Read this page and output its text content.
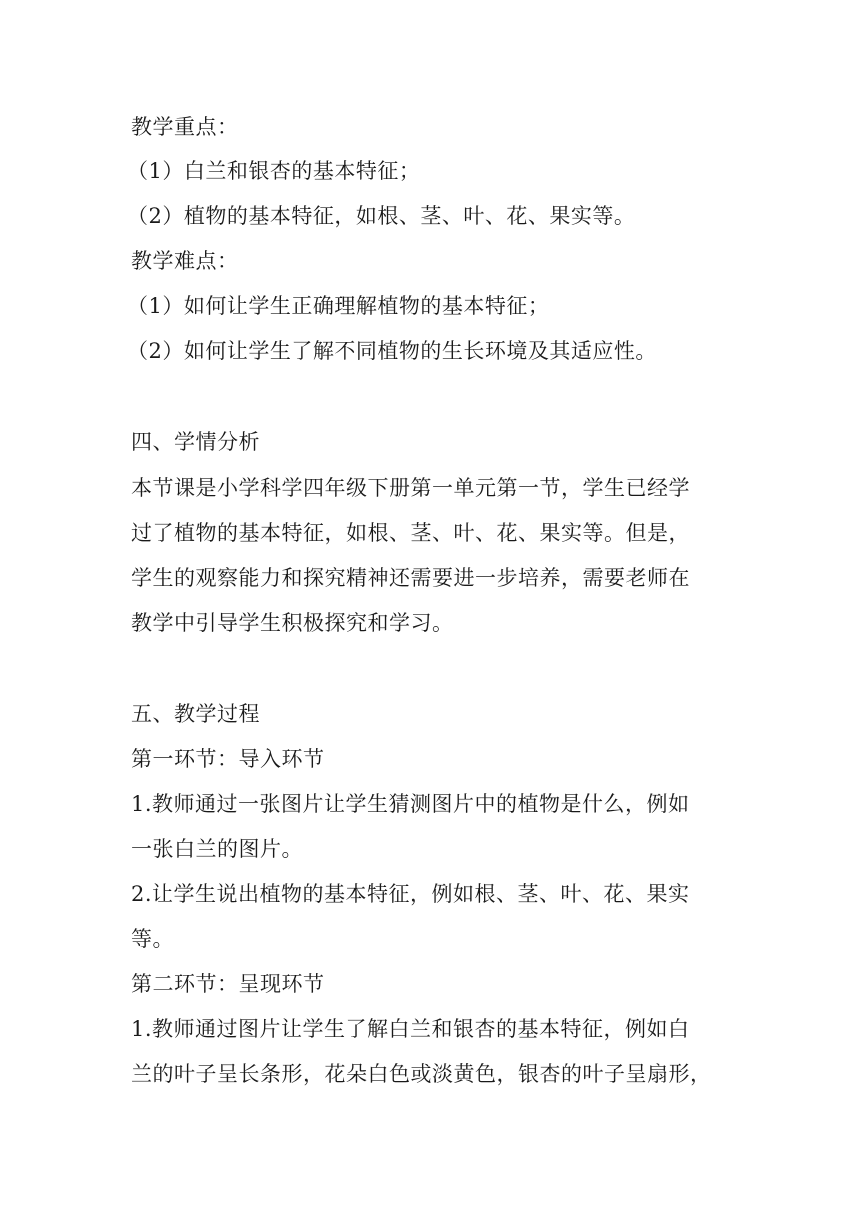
教学重点：
（1）白兰和银杏的基本特征；
（2）植物的基本特征，如根、茎、叶、花、果实等。
教学难点：
（1）如何让学生正确理解植物的基本特征；
（2）如何让学生了解不同植物的生长环境及其适应性。
四、学情分析
本节课是小学科学四年级下册第一单元第一节，学生已经学
过了植物的基本特征，如根、茎、叶、花、果实等。但是，
学生的观察能力和探究精神还需要进一步培养，需要老师在
教学中引导学生积极探究和学习。
五、教学过程
第一环节：导入环节
1.教师通过一张图片让学生猜测图片中的植物是什么，例如
一张白兰的图片。
2.让学生说出植物的基本特征，例如根、茎、叶、花、果实
等。
第二环节：呈现环节
1.教师通过图片让学生了解白兰和银杏的基本特征，例如白
兰的叶子呈长条形，花朵白色或淡黄色，银杏的叶子呈扇形，
